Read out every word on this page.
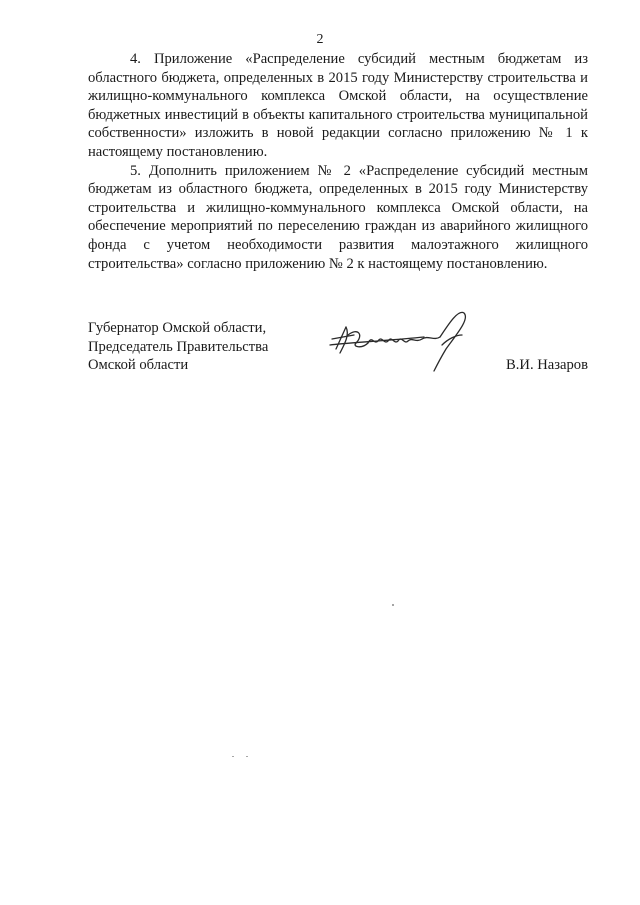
2

4. Приложение «Распределение субсидий местным бюджетам из областного бюджета, определенных в 2015 году Министерству строительства и жилищно-коммунального комплекса Омской области, на осуществление бюджетных инвестиций в объекты капитального строительства муниципальной собственности» изложить в новой редакции согласно приложению № 1 к настоящему постановлению.

5. Дополнить приложением № 2 «Распределение субсидий местным бюджетам из областного бюджета, определенных в 2015 году Министерству строительства и жилищно-коммунального комплекса Омской области, на обеспечение мероприятий по переселению граждан из аварийного жилищного фонда с учетом необходимости развития малоэтажного жилищного строительства» согласно приложению № 2 к настоящему постановлению.

Губернатор Омской области,
Председатель Правительства
Омской области	В.И. Назаров
